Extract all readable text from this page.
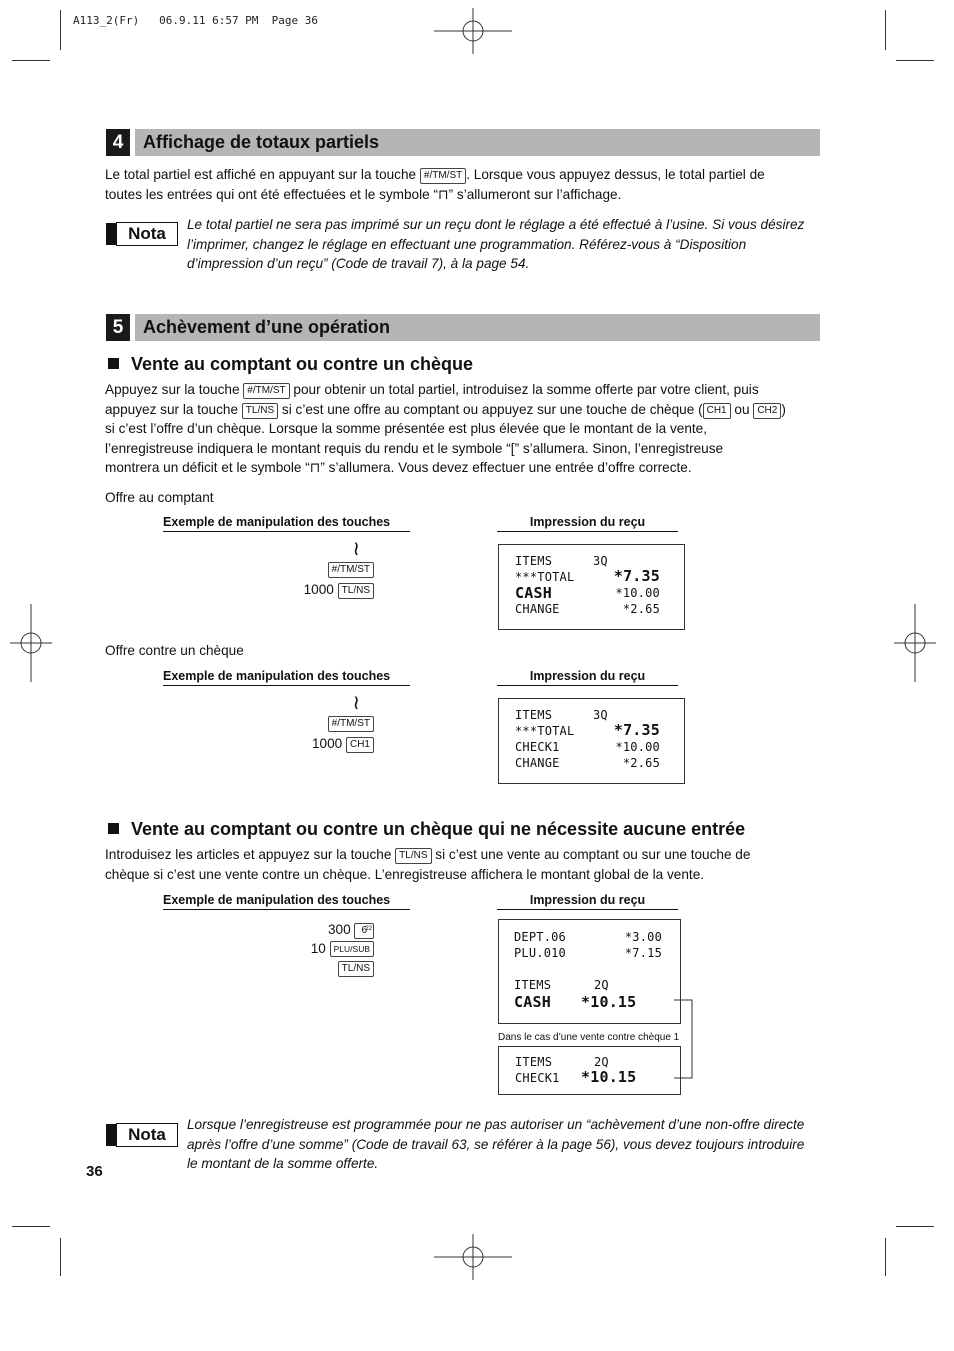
A113_2(Fr)   06.9.11 6:57 PM  Page 36
4	Affichage de totaux partiels
Le total partiel est affiché en appuyant sur la touche #/TM/ST . Lorsque vous appuyez dessus, le total partiel de
toutes les entrées qui ont été effectuées et le symbole “⊓” s’allumeront sur l’affichage.
Nota	Le total partiel ne sera pas imprimé sur un reçu dont le réglage a été effectué à l’usine. Si vous désirez l’imprimer, changez le réglage en effectuant une programmation. Référez-vous à “Disposition d’impression d’un reçu” (Code de travail 7), à la page 54.
5	Achèvement d’une opération
Vente au comptant ou contre un chèque
Appuyez sur la touche #/TM/ST pour obtenir un total partiel, introduisez la somme offerte par votre client, puis
appuyez sur la touche TL/NS si c’est une offre au comptant ou appuyez sur une touche de chèque ( CH1 ou CH2 )
si c’est l’offre d’un chèque. Lorsque la somme présentée est plus élevée que le montant de la vente,
l’enregistreuse indiquera le montant requis du rendu et le symbole “[” s’allumera. Sinon, l’enregistreuse
montrera un déficit et le symbole “⊓” s’allumera. Vous devez effectuer une entrée d’offre correcte.
Offre au comptant
Exemple de manipulation des touches	Impression du reçu
≀
#/TM/ST
1000 TL/NS
ITEMS	3Q
***TOTAL	*7.35
CASH	*10.00
CHANGE	*2.65
Offre contre un chèque
Exemple de manipulation des touches	Impression du reçu
≀
#/TM/ST
1000 CH1
ITEMS	3Q
***TOTAL	*7.35
CHECK1	*10.00
CHANGE	*2.65
Vente au comptant ou contre un chèque qui ne nécessite aucune entrée
Introduisez les articles et appuyez sur la touche TL/NS si c’est une vente au comptant ou sur une touche de
chèque si c’est une vente contre un chèque. L’enregistreuse affichera le montant global de la vente.
Exemple de manipulation des touches	Impression du reçu
300 6
22
10 PLU/SUB
TL/NS
DEPT.06	*3.00
PLU.010	*7.15
ITEMS	2Q
CASH *10.15
Dans le cas d’une vente contre chèque 1
ITEMS	2Q
CHECK1 *10.15
Nota
Lorsque l’enregistreuse est programmée pour ne pas autoriser un “achèvement d’une non-offre directe après l’offre d’une somme” (Code de travail 63, se référer à la page 56), vous devez toujours introduire le montant de la somme offerte.
36
